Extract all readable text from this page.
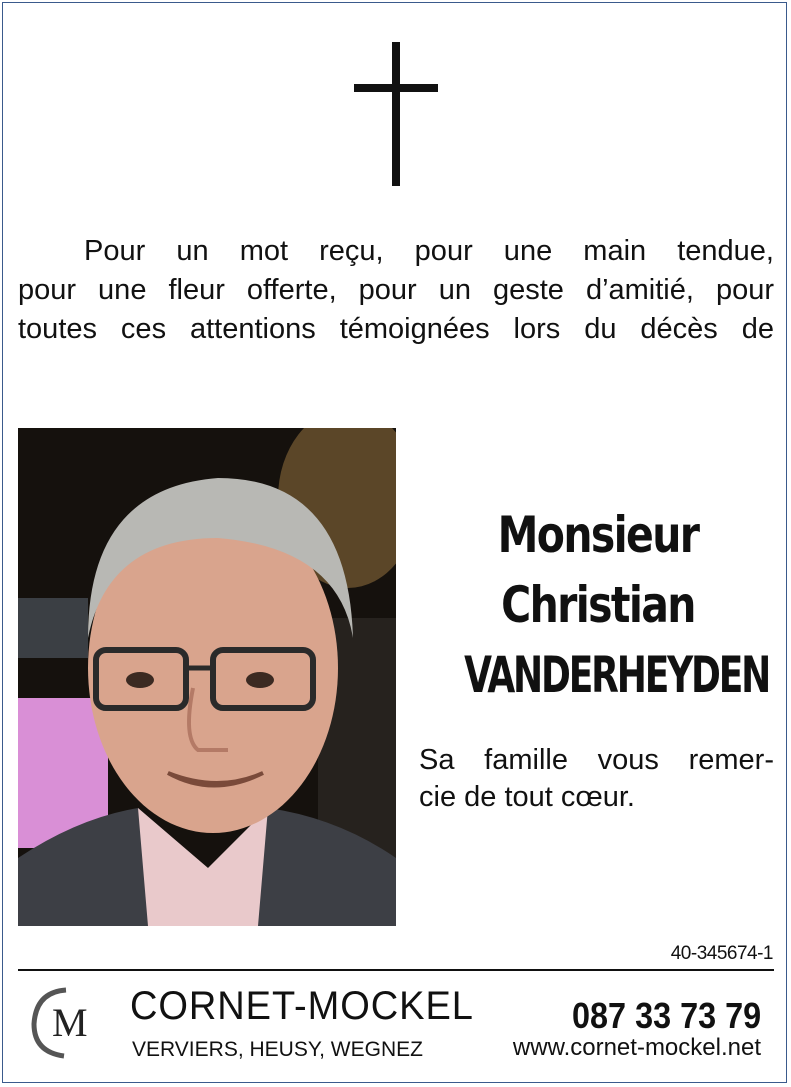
Pour un mot reçu, pour une main tendue,
pour une fleur offerte, pour un geste d’amitié, pour
toutes ces attentions témoignées lors du décès de
Monsieur
Christian
VANDERHEYDEN
Sa famille vous remer-
cie de tout cœur.
40-345674-1
M CORNET-MOCKEL	087 33 73 79
VERVIERS, HEUSY, WEGNEZ	www.cornet-mockel.net
